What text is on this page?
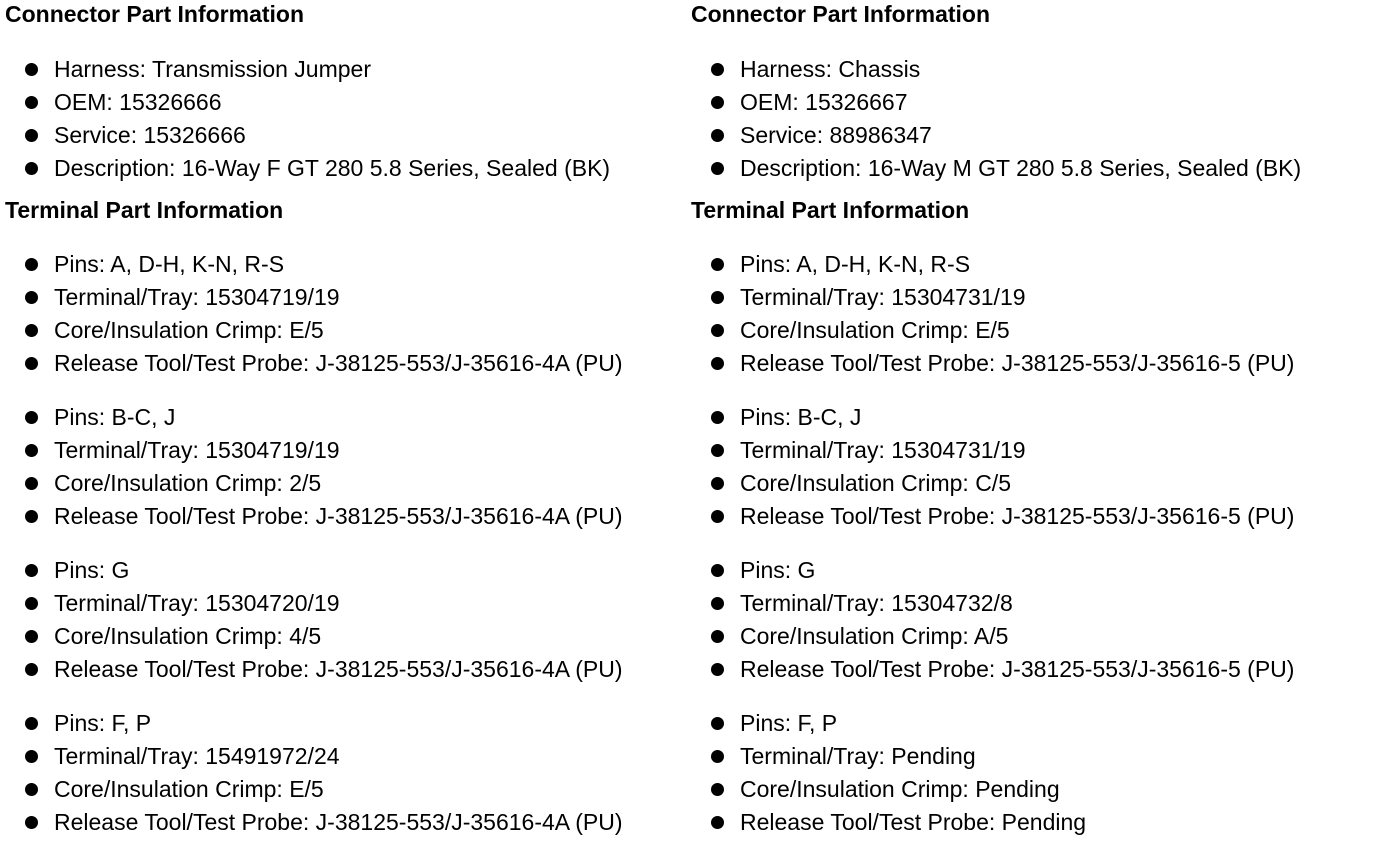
Connector Part Information
Harness: Transmission Jumper
OEM: 15326666
Service: 15326666
Description: 16-Way F GT 280 5.8 Series, Sealed (BK)
Terminal Part Information
Pins: A, D-H, K-N, R-S
Terminal/Tray: 15304719/19
Core/Insulation Crimp: E/5
Release Tool/Test Probe: J-38125-553/J-35616-4A (PU)
Pins: B-C, J
Terminal/Tray: 15304719/19
Core/Insulation Crimp: 2/5
Release Tool/Test Probe: J-38125-553/J-35616-4A (PU)
Pins: G
Terminal/Tray: 15304720/19
Core/Insulation Crimp: 4/5
Release Tool/Test Probe: J-38125-553/J-35616-4A (PU)
Pins: F, P
Terminal/Tray: 15491972/24
Core/Insulation Crimp: E/5
Release Tool/Test Probe: J-38125-553/J-35616-4A (PU)
Connector Part Information
Harness: Chassis
OEM: 15326667
Service: 88986347
Description: 16-Way M GT 280 5.8 Series, Sealed (BK)
Terminal Part Information
Pins: A, D-H, K-N, R-S
Terminal/Tray: 15304731/19
Core/Insulation Crimp: E/5
Release Tool/Test Probe: J-38125-553/J-35616-5 (PU)
Pins: B-C, J
Terminal/Tray: 15304731/19
Core/Insulation Crimp: C/5
Release Tool/Test Probe: J-38125-553/J-35616-5 (PU)
Pins: G
Terminal/Tray: 15304732/8
Core/Insulation Crimp: A/5
Release Tool/Test Probe: J-38125-553/J-35616-5 (PU)
Pins: F, P
Terminal/Tray: Pending
Core/Insulation Crimp: Pending
Release Tool/Test Probe: Pending
